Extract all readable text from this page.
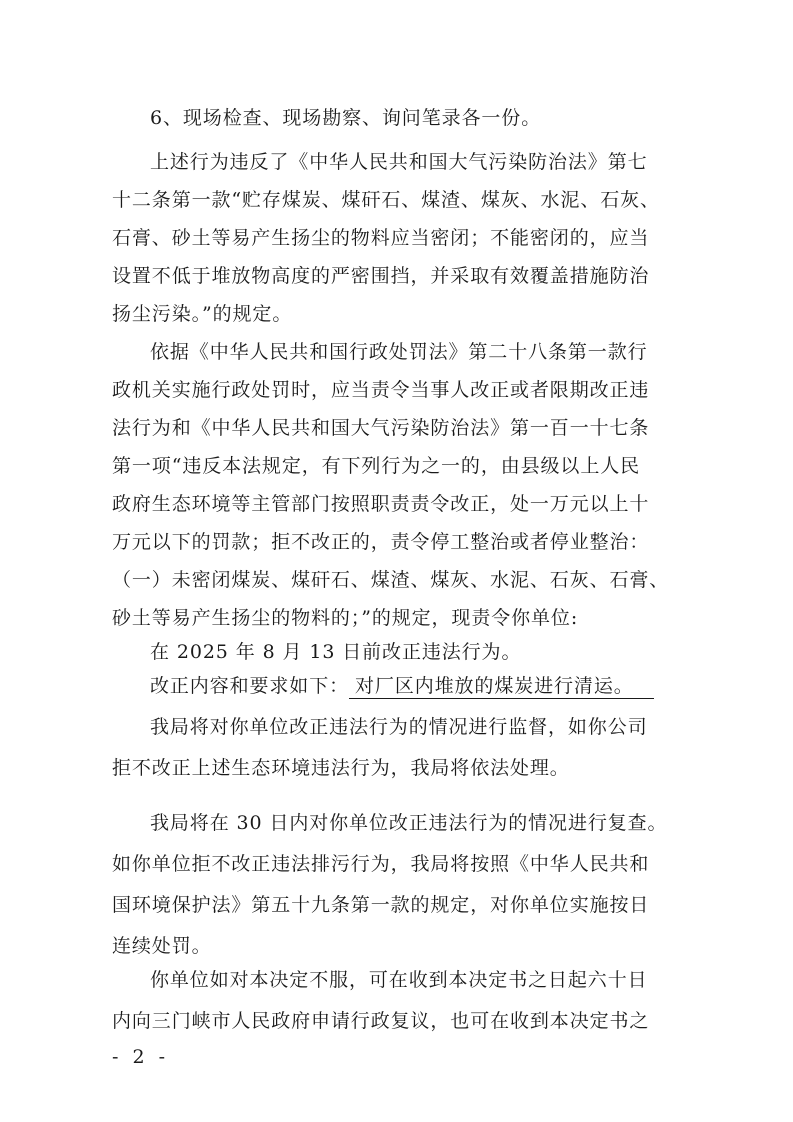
6、现场检查、现场勘察、询问笔录各一份。
上述行为违反了《中华人民共和国大气污染防治法》第七
十二条第一款“贮存煤炭、煤矸石、煤渣、煤灰、水泥、石灰、
石膏、砂土等易产生扬尘的物料应当密闭；不能密闭的，应当
设置不低于堆放物高度的严密围挡，并采取有效覆盖措施防治
扬尘污染。”的规定。
依据《中华人民共和国行政处罚法》第二十八条第一款行
政机关实施行政处罚时，应当责令当事人改正或者限期改正违
法行为和《中华人民共和国大气污染防治法》第一百一十七条
第一项“违反本法规定，有下列行为之一的，由县级以上人民
政府生态环境等主管部门按照职责责令改正，处一万元以上十
万元以下的罚款；拒不改正的，责令停工整治或者停业整治：
（一）未密闭煤炭、煤矸石、煤渣、煤灰、水泥、石灰、石膏、
砂土等易产生扬尘的物料的；”的规定，现责令你单位:
在 2025 年 8 月 13 日前改正违法行为。
改正内容和要求如下： 对厂区内堆放的煤炭进行清运。
我局将对你单位改正违法行为的情况进行监督，如你公司
拒不改正上述生态环境违法行为，我局将依法处理。
我局将在 30 日内对你单位改正违法行为的情况进行复查。
如你单位拒不改正违法排污行为，我局将按照《中华人民共和
国环境保护法》第五十九条第一款的规定，对你单位实施按日
连续处罚。
你单位如对本决定不服，可在收到本决定书之日起六十日
内向三门峡市人民政府申请行政复议，也可在收到本决定书之
- 2 -
